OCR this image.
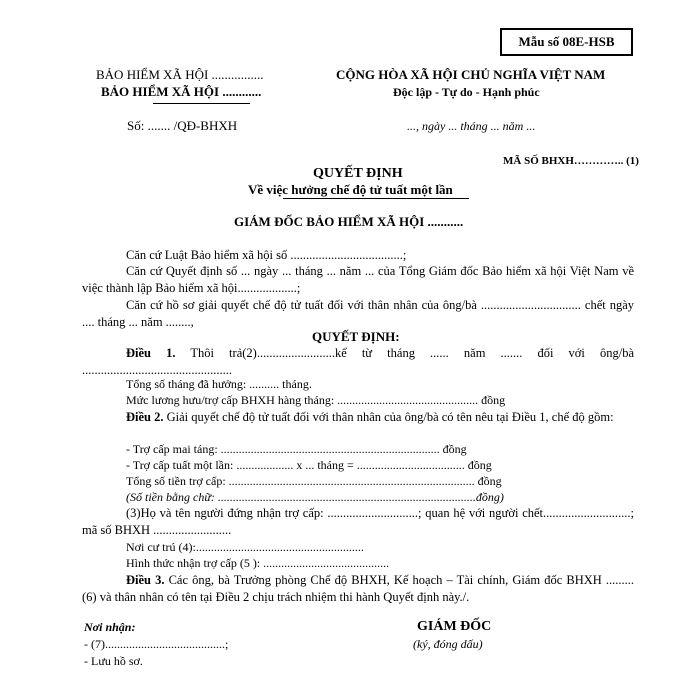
Mẫu số 08E-HSB
BẢO HIỂM XÃ HỘI ................
BẢO HIỂM XÃ HỘI ............
Số: ....... /QĐ-BHXH
CỘNG HÒA XÃ HỘI CHỦ NGHĨA VIỆT NAM
Độc lập - Tự do - Hạnh phúc
..., ngày ... tháng ... năm ...
MÃ SỐ BHXH………….. (1)
QUYẾT ĐỊNH
Về việc hưởng chế độ tử tuất một lần
GIÁM ĐỐC BẢO HIỂM XÃ HỘI ...........
Căn cứ Luật Bảo hiểm xã hội số ....................................;
Căn cứ Quyết định số ... ngày ... tháng ... năm ... của Tổng Giám đốc Bảo hiểm xã hội Việt Nam về việc thành lập Bảo hiểm xã hội...................;
Căn cứ hồ sơ giải quyết chế độ tử tuất đối với thân nhân của ông/bà ................................ chết ngày .... tháng ... năm ........,
QUYẾT ĐỊNH:
Điều 1. Thôi trả(2).........................kể từ tháng ...... năm ....... đối với ông/bà ................................................
Tổng số tháng đã hưởng: .......... tháng.
Mức lương hưu/trợ cấp BHXH hàng tháng: ............................................... đồng
Điều 2. Giải quyết chế độ tử tuất đối với thân nhân của ông/bà có tên nêu tại Điều 1, chế độ gồm:
- Trợ cấp mai táng: ......................................................................... đồng
- Trợ cấp tuất một lần: ................... x ... tháng = .................................... đồng
Tổng số tiền trợ cấp: .................................................................................. đồng
(Số tiền bằng chữ: ......................................................................................đồng)
(3)Họ và tên người đứng nhận trợ cấp: .............................; quan hệ với người chết............................; mã số BHXH .........................
Nơi cư trú (4):........................................................
Hình thức nhận trợ cấp (5 ): ..........................................
Điều 3. Các ông, bà Trưởng phòng Chế độ BHXH, Kế hoạch – Tài chính, Giám đốc BHXH ......... (6) và thân nhân có tên tại Điều 2 chịu trách nhiệm thi hành Quyết định này./.
Nơi nhận:
- (7)........................................;
- Lưu hồ sơ.
GIÁM ĐỐC
(ký, đóng dấu)
